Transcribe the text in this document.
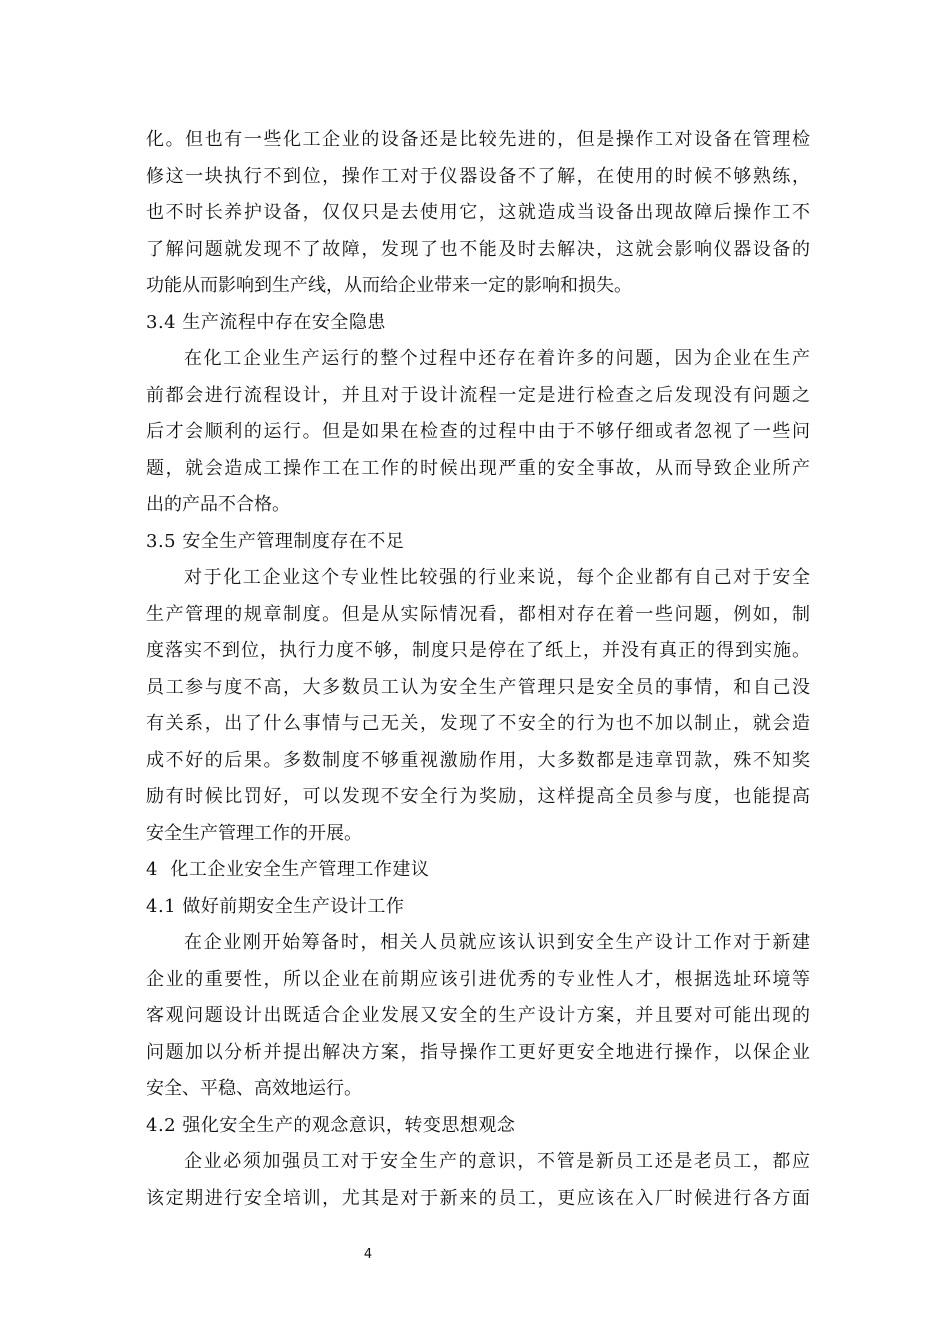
化。但也有一些化工企业的设备还是比较先进的，但是操作工对设备在管理检
修这一块执行不到位，操作工对于仪器设备不了解，在使用的时候不够熟练，
也不时长养护设备，仅仅只是去使用它，这就造成当设备出现故障后操作工不
了解问题就发现不了故障，发现了也不能及时去解决，这就会影响仪器设备的
功能从而影响到生产线，从而给企业带来一定的影响和损失。
3.4 生产流程中存在安全隐患
在化工企业生产运行的整个过程中还存在着许多的问题，因为企业在生产
前都会进行流程设计，并且对于设计流程一定是进行检查之后发现没有问题之
后才会顺利的运行。但是如果在检查的过程中由于不够仔细或者忽视了一些问
题，就会造成工操作工在工作的时候出现严重的安全事故，从而导致企业所产
出的产品不合格。
3.5 安全生产管理制度存在不足
对于化工企业这个专业性比较强的行业来说，每个企业都有自己对于安全
生产管理的规章制度。但是从实际情况看，都相对存在着一些问题，例如，制
度落实不到位，执行力度不够，制度只是停在了纸上，并没有真正的得到实施。
员工参与度不高，大多数员工认为安全生产管理只是安全员的事情，和自己没
有关系，出了什么事情与己无关，发现了不安全的行为也不加以制止，就会造
成不好的后果。多数制度不够重视激励作用，大多数都是违章罚款，殊不知奖
励有时候比罚好，可以发现不安全行为奖励，这样提高全员参与度，也能提高
安全生产管理工作的开展。
4  化工企业安全生产管理工作建议
4.1 做好前期安全生产设计工作
在企业刚开始筹备时，相关人员就应该认识到安全生产设计工作对于新建
企业的重要性，所以企业在前期应该引进优秀的专业性人才，根据选址环境等
客观问题设计出既适合企业发展又安全的生产设计方案，并且要对可能出现的
问题加以分析并提出解决方案，指导操作工更好更安全地进行操作，以保企业
安全、平稳、高效地运行。
4.2 强化安全生产的观念意识，转变思想观念
企业必须加强员工对于安全生产的意识，不管是新员工还是老员工，都应
该定期进行安全培训，尤其是对于新来的员工，更应该在入厂时候进行各方面
4
